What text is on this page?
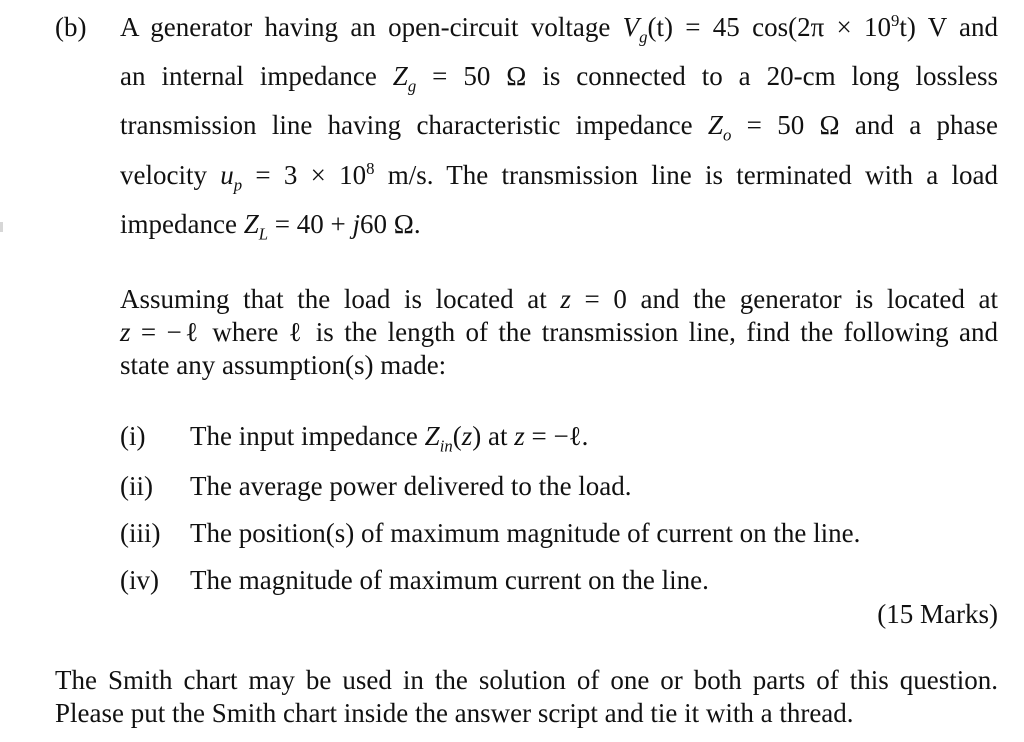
(b) A generator having an open-circuit voltage $V_g(t) = 45$ $\cos(2\pi \times 10^9t)$ V and
an internal impedance $Z_g = 50$ Ω is connected to a 20-cm long lossless
transmission line having characteristic impedance $Z_o = 50$ Ω and a phase
velocity $u_p = 3 \times 10^8$ m/s. The transmission line is terminated with a load
impedance $Z_L = 40 + j60$ Ω.
Assuming that the load is located at z = 0 and the generator is located at
z = −ℓ where ℓ is the length of the transmission line, find the following and
state any assumption(s) made:
(i) The input impedance $Z_{in}(z)$ at z = −ℓ.
(ii) The average power delivered to the load.
(iii) The position(s) of maximum magnitude of current on the line.
(iv) The magnitude of maximum current on the line.
(15 Marks)
The Smith chart may be used in the solution of one or both parts of this question.
Please put the Smith chart inside the answer script and tie it with a thread.
